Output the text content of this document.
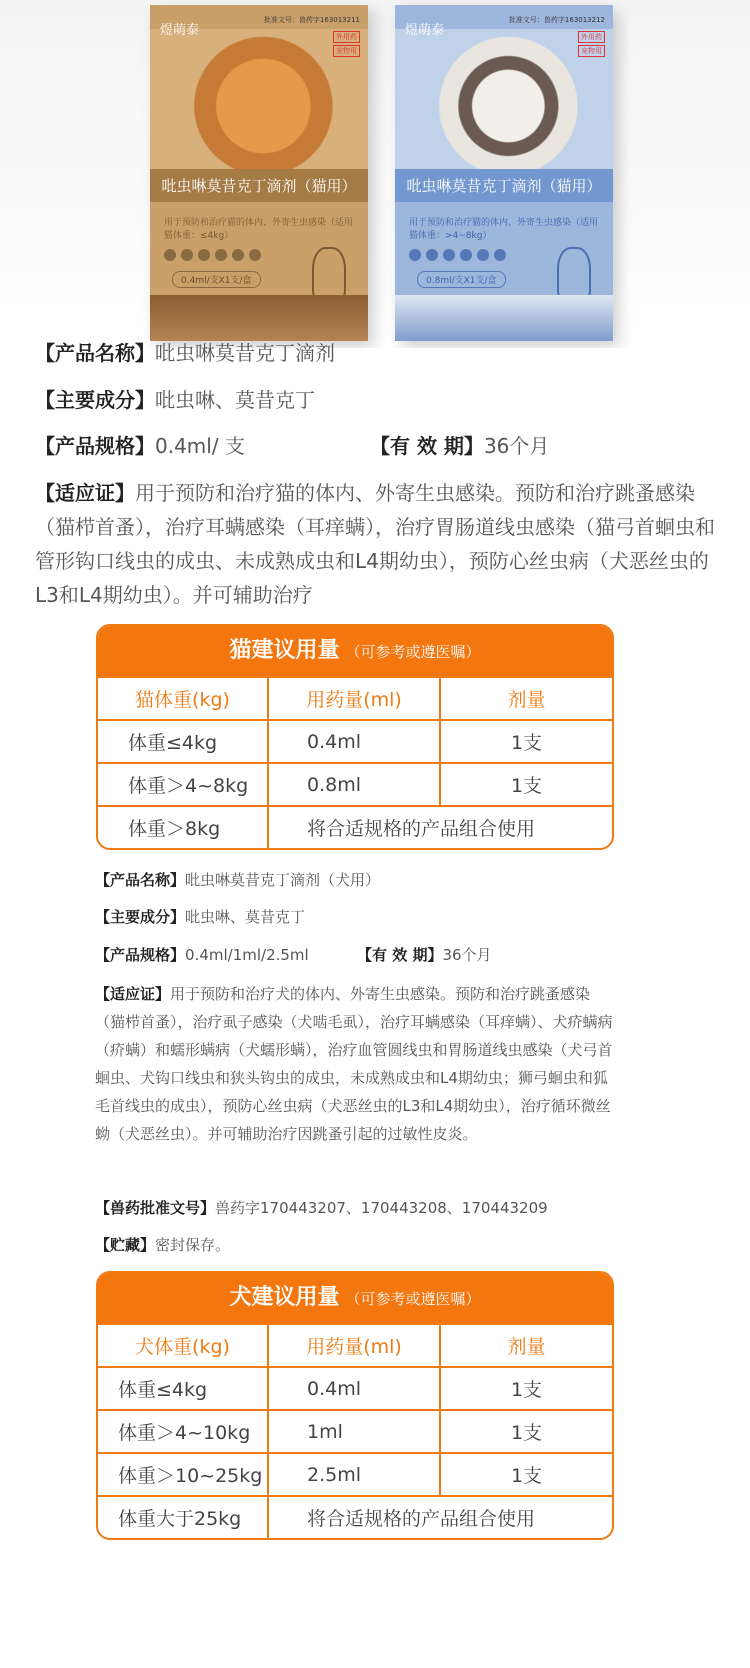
煜萌泰
批准文号：兽药字163013211
外用药
宠物用
吡虫啉莫昔克丁滴剂（猫用）
用于预防和治疗猫的体内、外寄生虫感染（适用猫体重：≤4kg）
0.4ml/支X1支/盒
煜萌泰
批准文号：兽药字163013212
外用药
宠物用
吡虫啉莫昔克丁滴剂（猫用）
用于预防和治疗猫的体内、外寄生虫感染（适用猫体重：>4~8kg）
0.8ml/支X1支/盒
【产品名称】吡虫啉莫昔克丁滴剂
【主要成分】吡虫啉、莫昔克丁
【产品规格】0.4ml/ 支	【有 效 期】36个月
【适应证】用于预防和治疗猫的体内、外寄生虫感染。预防和治疗跳蚤感染（猫栉首蚤），治疗耳螨感染（耳痒螨），治疗胃肠道线虫感染（猫弓首蛔虫和管形钩口线虫的成虫、未成熟成虫和L4期幼虫），预防心丝虫病（犬恶丝虫的L3和L4期幼虫）。并可辅助治疗
猫建议用量 （可参考或遵医嘱）
猫体重(kg)	用药量(ml)	剂量
体重≤4kg	0.4ml	1支
体重＞4~8kg	0.8ml	1支
体重＞8kg	将合适规格的产品组合使用	
【产品名称】吡虫啉莫昔克丁滴剂（犬用）
【主要成分】吡虫啉、莫昔克丁
【产品规格】0.4ml/1ml/2.5ml	【有 效 期】36个月
【适应证】用于预防和治疗犬的体内、外寄生虫感染。预防和治疗跳蚤感染（猫栉首蚤），治疗虱子感染（犬啮毛虱），治疗耳螨感染（耳痒螨）、犬疥螨病（疥螨）和蠕形螨病（犬蠕形螨），治疗血管圆线虫和胃肠道线虫感染（犬弓首蛔虫、犬钩口线虫和狭头钩虫的成虫，未成熟成虫和L4期幼虫；狮弓蛔虫和狐毛首线虫的成虫），预防心丝虫病（犬恶丝虫的L3和L4期幼虫），治疗循环微丝蚴（犬恶丝虫）。并可辅助治疗因跳蚤引起的过敏性皮炎。
【兽药批准文号】兽药字170443207、170443208、170443209
【贮藏】密封保存。
犬建议用量 （可参考或遵医嘱）
犬体重(kg)	用药量(ml)	剂量
体重≤4kg	0.4ml	1支
体重＞4~10kg	1ml	1支
体重＞10~25kg	2.5ml	1支
体重大于25kg	将合适规格的产品组合使用	
